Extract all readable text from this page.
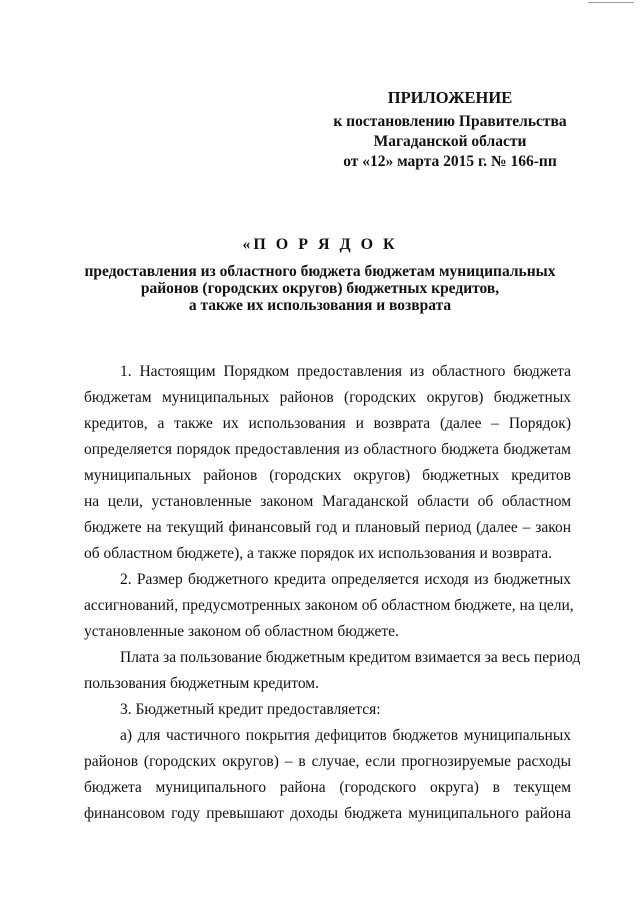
ПРИЛОЖЕНИЕ
к постановлению Правительства
Магаданской области
от «12» марта 2015 г. № 166-пп
«П О Р Я Д О К
предоставления из областного бюджета бюджетам муниципальных
районов (городских округов) бюджетных кредитов,
а также их использования и возврата
1. Настоящим Порядком предоставления из областного бюджета
бюджетам муниципальных районов (городских округов) бюджетных
кредитов, а также их использования и возврата (далее – Порядок)
определяется порядок предоставления из областного бюджета бюджетам
муниципальных районов (городских округов) бюджетных кредитов
на цели, установленные законом Магаданской области об областном
бюджете на текущий финансовый год и плановый период (далее – закон
об областном бюджете), а также порядок их использования и возврата.
2. Размер бюджетного кредита определяется исходя из бюджетных
ассигнований, предусмотренных законом об областном бюджете, на цели,
установленные законом об областном бюджете.
Плата за пользование бюджетным кредитом взимается за весь период
пользования бюджетным кредитом.
3. Бюджетный кредит предоставляется:
а) для частичного покрытия дефицитов бюджетов муниципальных
районов (городских округов) – в случае, если прогнозируемые расходы
бюджета муниципального района (городского округа) в текущем
финансовом году превышают доходы бюджета муниципального района
